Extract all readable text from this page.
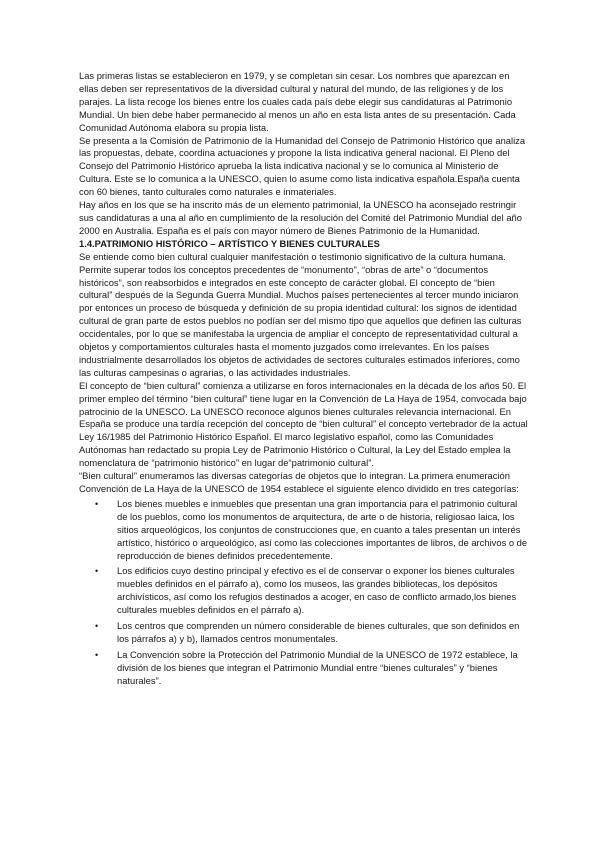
Las primeras listas se establecieron en 1979, y se completan sin cesar. Los nombres que aparezcan en ellas deben ser representativos de la diversidad cultural y natural del mundo, de las religiones y de los parajes. La lista recoge los bienes entre los cuales cada país debe elegir sus candidaturas al Patrimonio Mundial. Un bien debe haber permanecido al menos un año en esta lista antes de su presentación. Cada Comunidad Autónoma elabora su propia lista.

Se presenta a la Comisión de Patrimonio de la Humanidad del Consejo de Patrimonio Histórico que analiza las propuestas, debate, coordina actuaciones y propone la lista indicativa general nacional. El Pleno del Consejo del Patrimonio Histórico aprueba la lista indicativa nacional y se lo comunica al Ministerio de Cultura. Este se lo comunica a la UNESCO, quien lo asume como lista indicativa española.España cuenta con 60 bienes, tanto culturales como naturales e inmateriales.

Hay años en los que se ha inscrito más de un elemento patrimonial, la UNESCO ha aconsejado restringir sus candidaturas a una al año en cumplimiento de la resolución del Comité del Patrimonio Mundial del año 2000 en Australia. España es el país con mayor número de Bienes Patrimonio de la Humanidad.

1.4.PATRIMONIO HISTÓRICO – ARTÍSTICO Y BIENES CULTURALES

Se entiende como bien cultural cualquier manifestación o testimonio significativo de la cultura humana. Permite superar todos los conceptos precedentes de “monumento”, “obras de arte” o “documentos históricos”, son reabsorbidos e integrados en este concepto de carácter global. El concepto de “bien cultural” después de la Segunda Guerra Mundial. Muchos países pertenecientes al tercer mundo iniciaron por entonces un proceso de búsqueda y definición de su propia identidad cultural: los signos de identidad cultural de gran parte de estos pueblos no podían ser del mismo tipo que aquellos que definen las culturas occidentales, por lo que se manifestaba la urgencia de ampliar el concepto de representatividad cultural a objetos y comportamientos culturales hasta el momento juzgados como irrelevantes. En los países industrialmente desarrollados los objetos de actividades de sectores culturales estimados inferiores, como las culturas campesinas o agrarias, o las actividades industriales.

El concepto de “bien cultural” comienza a utilizarse en foros internacionales en la década de los años 50. El primer empleo del término “bien cultural” tiene lugar en la Convención de La Haya de 1954, convocada bajo patrocinio de la UNESCO. La UNESCO reconoce algunos bienes culturales relevancia internacional. En España se produce una tardía recepción del concepto de “bien cultural” el concepto vertebrador de la actual Ley 16/1985 del Patrimonio Histórico Español. El marco legislativo español, como las Comunidades Autónomas han redactado su propia Ley de Patrimonio Histórico o Cultural, la Ley del Estado emplea la nomenclatura de “patrimonio histórico” en lugar de“patrimonio cultural”.

“Bien cultural” enumeramos las diversas categorías de objetos que lo integran. La primera enumeración Convención de La Haya de la UNESCO de 1954 establece el siguiente elenco dividido en tres categorías:

• Los bienes muebles e inmuebles que presentan una gran importancia para el patrimonio cultural de los pueblos, como los monumentos de arquitectura, de arte o de historia, religiosao laica, los sitios arqueológicos, los conjuntos de construcciones que, en cuanto a tales presentan un interés artístico, histórico o arqueológico, así como las colecciones importantes de libros, de archivos o de reproducción de bienes definidos precedentemente.
• Los edificios cuyo destino principal y efectivo es el de conservar o exponer los bienes culturales muebles definidos en el párrafo a), como los museos, las grandes bibliotecas, los depósitos archivísticos, así como los refugios destinados a acoger, en caso de conflicto armado,los bienes culturales muebles definidos en el párrafo a).
• Los centros que comprenden un número considerable de bienes culturales, que son definidos en los párrafos a) y b), llamados centros monumentales.
• La Convención sobre la Protección del Patrimonio Mundial de la UNESCO de 1972 establece, la división de los bienes que integran el Patrimonio Mundial entre “bienes culturales” y “bienes naturales”.
